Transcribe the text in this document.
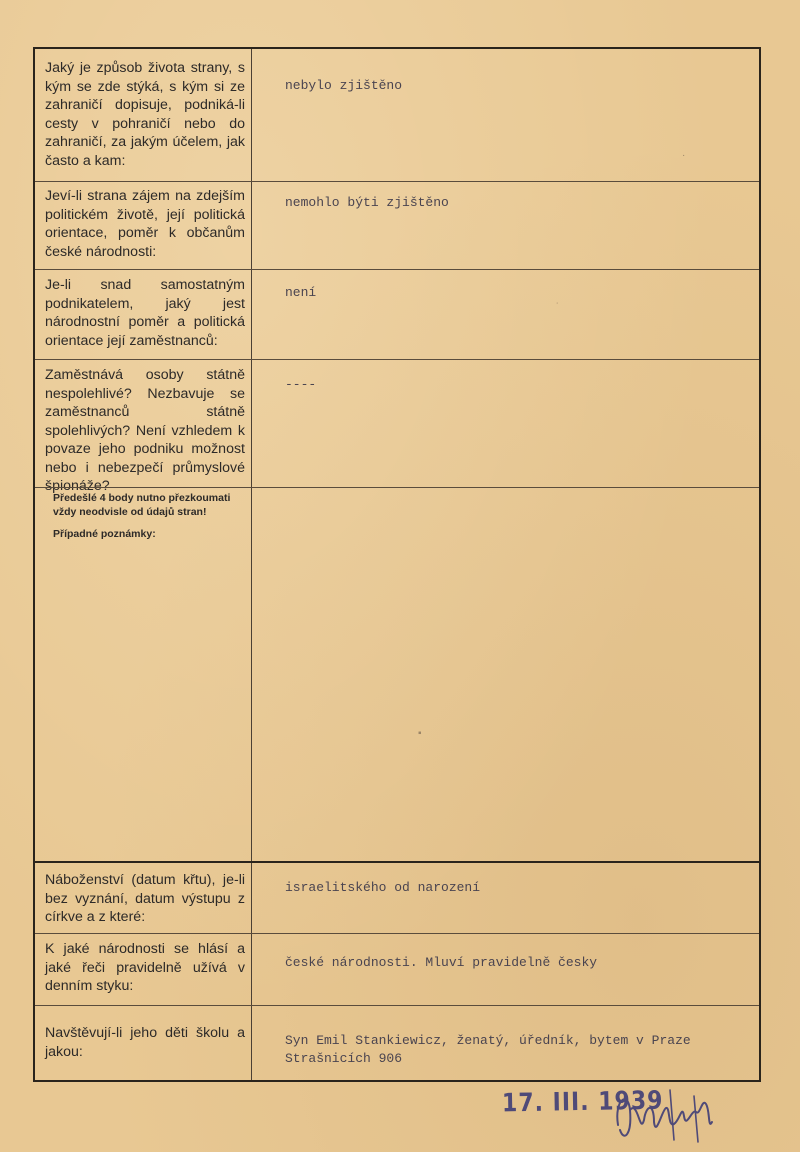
Jaký je způsob života strany, s kým se zde stýká, s kým si ze zahraničí dopisuje, podniká-li cesty v pohraničí nebo do zahraničí, za jakým účelem, jak často a kam:
nebylo zjištěno
Jeví-li strana zájem na zdejším politickém životě, její politická orientace, poměr k občanům české národnosti:
nemohlo býti zjištěno
Je-li snad samostatným podnikatelem, jaký jest národnostní poměr a politická orientace její zaměstnanců:
není
Zaměstnává osoby státně nespolehlivé? Nezbavuje se zaměstnanců státně spolehlivých? Není vzhledem k povaze jeho podniku možnost nebo i nebezpečí průmyslové špionáže?
----
Předešlé 4 body nutno přezkoumati vždy neodvisle od údajů stran!
Případné poznámky:
Náboženství (datum křtu), je-li bez vyznání, datum výstupu z církve a z které:
israelitského od narození
K jaké národnosti se hlásí a jaké řeči pravidelně užívá v denním styku:
české národnosti. Mluví pravidelně česky
Navštěvují-li jeho děti školu a jakou:
Syn Emil Stankiewicz, ženatý, úředník, bytem v Praze Strašnicích 906
17. III. 1939
·
˙
▪
